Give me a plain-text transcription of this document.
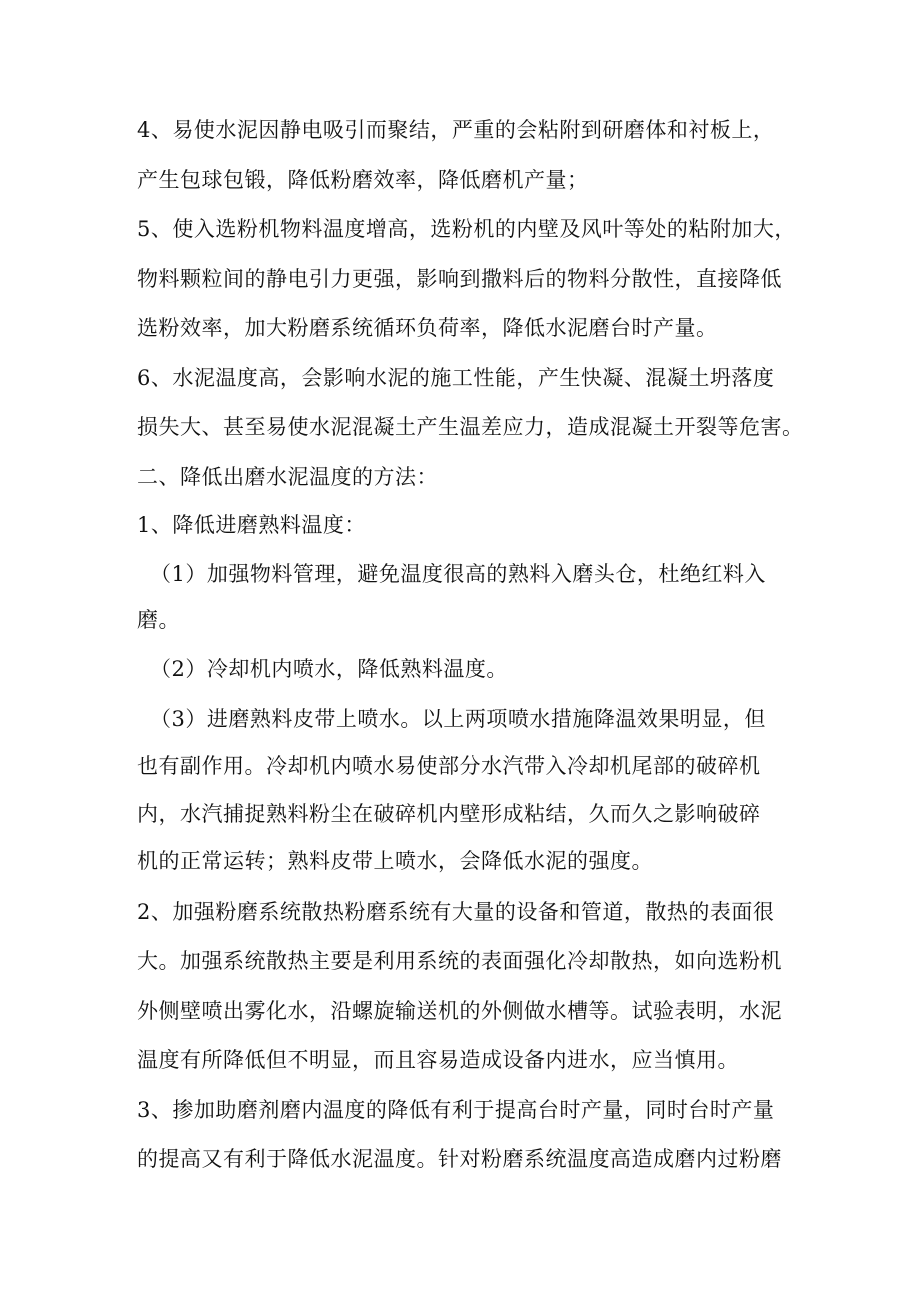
4、易使水泥因静电吸引而聚结，严重的会粘附到研磨体和衬板上，
产生包球包锻，降低粉磨效率，降低磨机产量；
5、使入选粉机物料温度增高，选粉机的内壁及风叶等处的粘附加大，
物料颗粒间的静电引力更强，影响到撒料后的物料分散性，直接降低
选粉效率，加大粉磨系统循环负荷率，降低水泥磨台时产量。
6、水泥温度高，会影响水泥的施工性能，产生快凝、混凝土坍落度
损失大、甚至易使水泥混凝土产生温差应力，造成混凝土开裂等危害。
二、降低出磨水泥温度的方法：
1、降低进磨熟料温度：
（1）加强物料管理，避免温度很高的熟料入磨头仓，杜绝红料入
磨。
（2）冷却机内喷水，降低熟料温度。
（3）进磨熟料皮带上喷水。以上两项喷水措施降温效果明显，但
也有副作用。冷却机内喷水易使部分水汽带入冷却机尾部的破碎机
内，水汽捕捉熟料粉尘在破碎机内壁形成粘结，久而久之影响破碎
机的正常运转；熟料皮带上喷水，会降低水泥的强度。
2、加强粉磨系统散热粉磨系统有大量的设备和管道，散热的表面很
大。加强系统散热主要是利用系统的表面强化冷却散热，如向选粉机
外侧壁喷出雾化水，沿螺旋输送机的外侧做水槽等。试验表明，水泥
温度有所降低但不明显，而且容易造成设备内进水，应当慎用。
3、掺加助磨剂磨内温度的降低有利于提高台时产量，同时台时产量
的提高又有利于降低水泥温度。针对粉磨系统温度高造成磨内过粉磨
